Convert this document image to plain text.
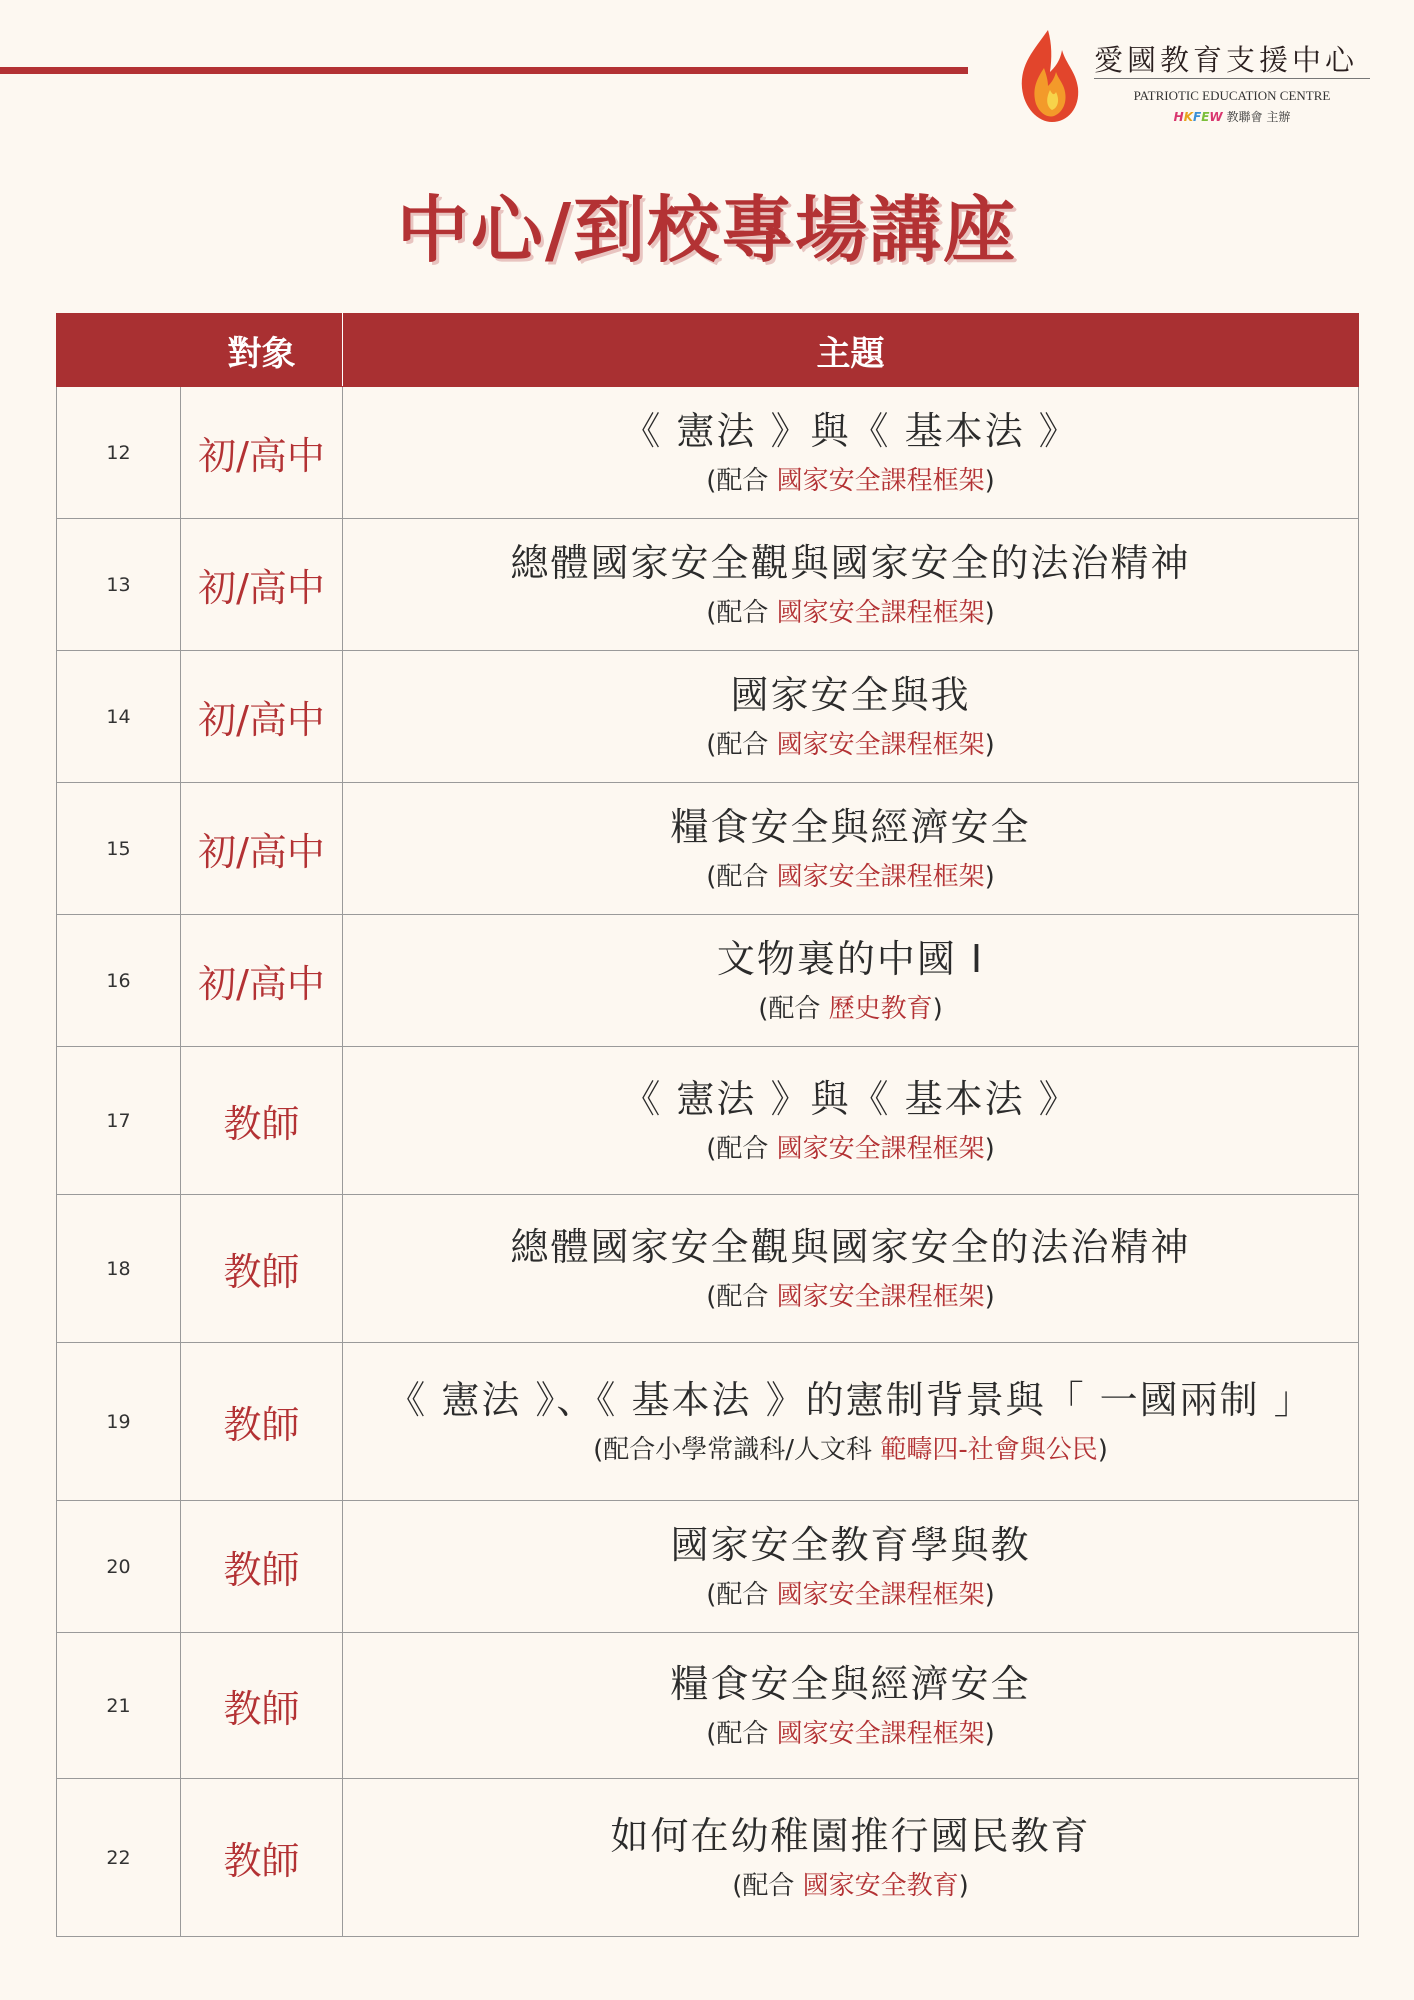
愛國教育支援中心
PATRIOTIC EDUCATION CENTRE
HKFEW 教聯會 主辦
中心/到校專場講座
	對象	主題
12	初/高中	《 憲法 》與《 基本法 》
(配合 國家安全課程框架)

13	初/高中	總體國家安全觀與國家安全的法治精神
(配合 國家安全課程框架)

14	初/高中	國家安全與我
(配合 國家安全課程框架)

15	初/高中	糧食安全與經濟安全
(配合 國家安全課程框架)

16	初/高中	文物裏的中國 I
(配合 歷史教育)

17	教師	《 憲法 》與《 基本法 》
(配合 國家安全課程框架)

18	教師	總體國家安全觀與國家安全的法治精神
(配合 國家安全課程框架)

19	教師	《 憲法 》、《 基本法 》的憲制背景與「 一國兩制 」
(配合小學常識科/人文科 範疇四-社會與公民)

20	教師	國家安全教育學與教
(配合 國家安全課程框架)

21	教師	糧食安全與經濟安全
(配合 國家安全課程框架)

22	教師	如何在幼稚園推行國民教育
(配合 國家安全教育)
